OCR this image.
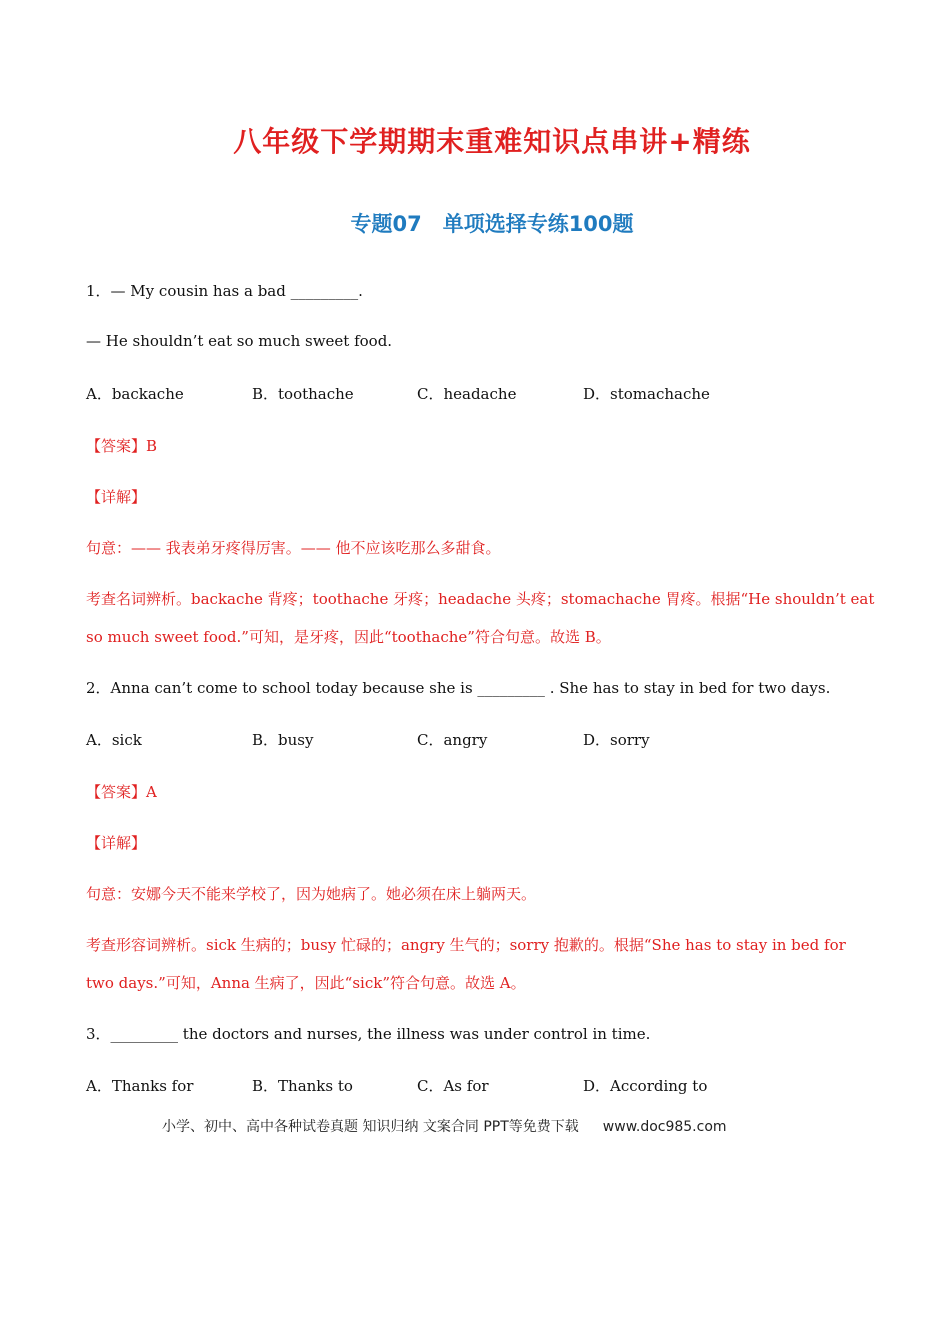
八年级下学期期末重难知识点串讲+精练
专题07　单项选择专练100题
1．— My cousin has a bad _________.
— He shouldn’t eat so much sweet food.
A．backache	B．toothache	C．headache	D．stomachache
【答案】B
【详解】
句意：—— 我表弟牙疼得厉害。—— 他不应该吃那么多甜食。
考查名词辨析。backache 背疼；toothache 牙疼；headache 头疼；stomachache 胃疼。根据“He shouldn’t eat
so much sweet food.”可知，是牙疼，因此“toothache”符合句意。故选 B。
2．Anna can’t come to school today because she is _________ . She has to stay in bed for two days.
A．sick	B．busy	C．angry	D．sorry
【答案】A
【详解】
句意：安娜今天不能来学校了，因为她病了。她必须在床上躺两天。
考查形容词辨析。sick 生病的；busy 忙碌的；angry 生气的；sorry 抱歉的。根据“She has to stay in bed for
two days.”可知，Anna 生病了，因此“sick”符合句意。故选 A。
3．_________ the doctors and nurses, the illness was under control in time.
A．Thanks for	B．Thanks to	C．As for	D．According to
小学、初中、高中各种试卷真题 知识归纳 文案合同 PPT等免费下载 www.doc985.com
